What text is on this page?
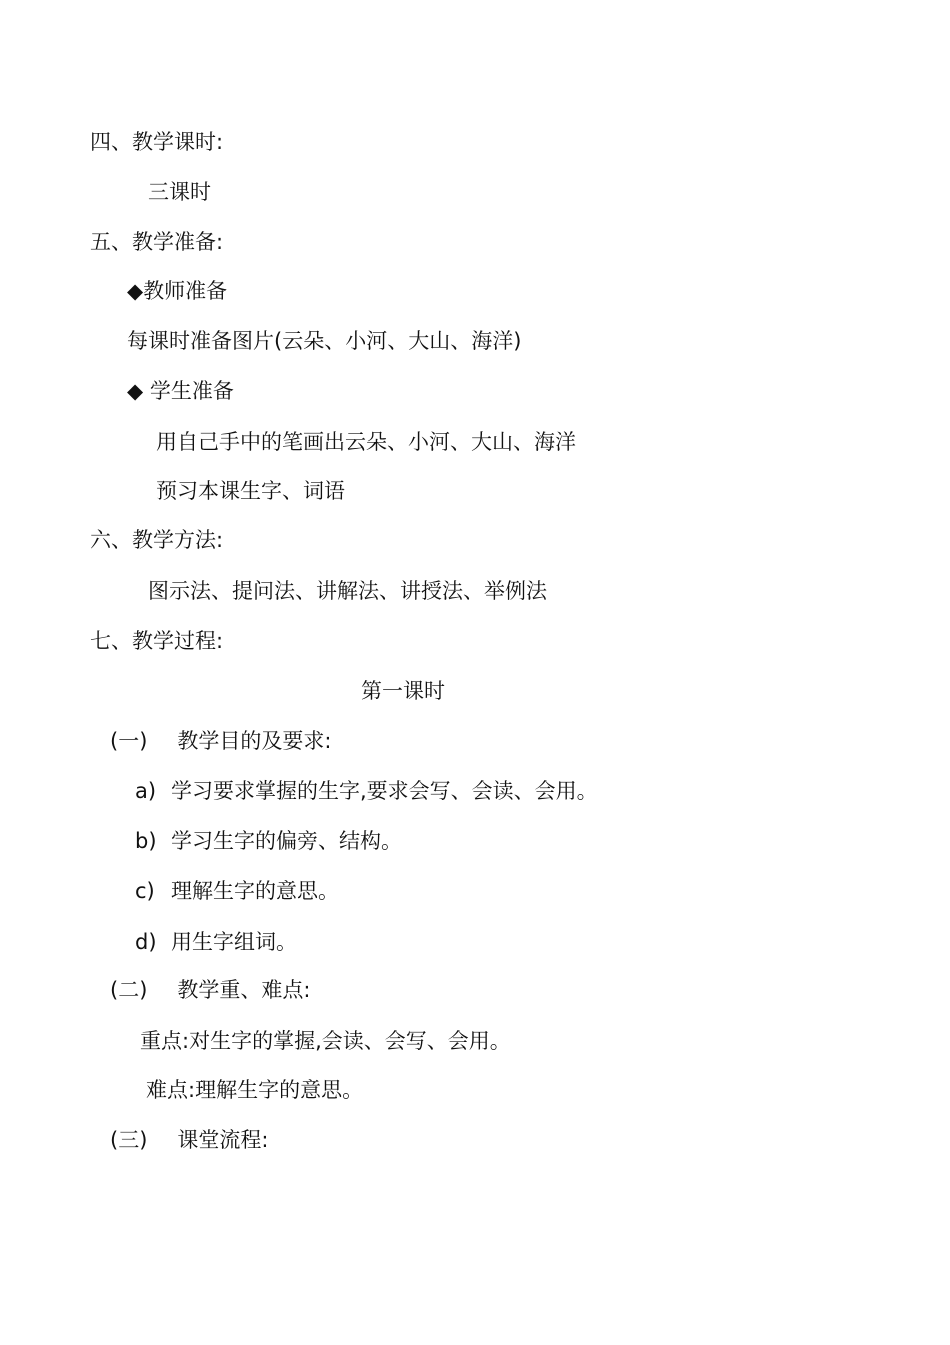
四、教学课时:
三课时
五、教学准备:
◆教师准备
每课时准备图片(云朵、小河、大山、海洋)
◆ 学生准备
用自己手中的笔画出云朵、小河、大山、海洋
预习本课生字、词语
六、教学方法:
图示法、提问法、讲解法、讲授法、举例法
七、教学过程:
第一课时
(一) 教学目的及要求:
a) 学习要求掌握的生字,要求会写、会读、会用。
b) 学习生字的偏旁、结构。
c) 理解生字的意思。
d) 用生字组词。
(二) 教学重、难点:
重点:对生字的掌握,会读、会写、会用。
难点:理解生字的意思。
(三) 课堂流程:
